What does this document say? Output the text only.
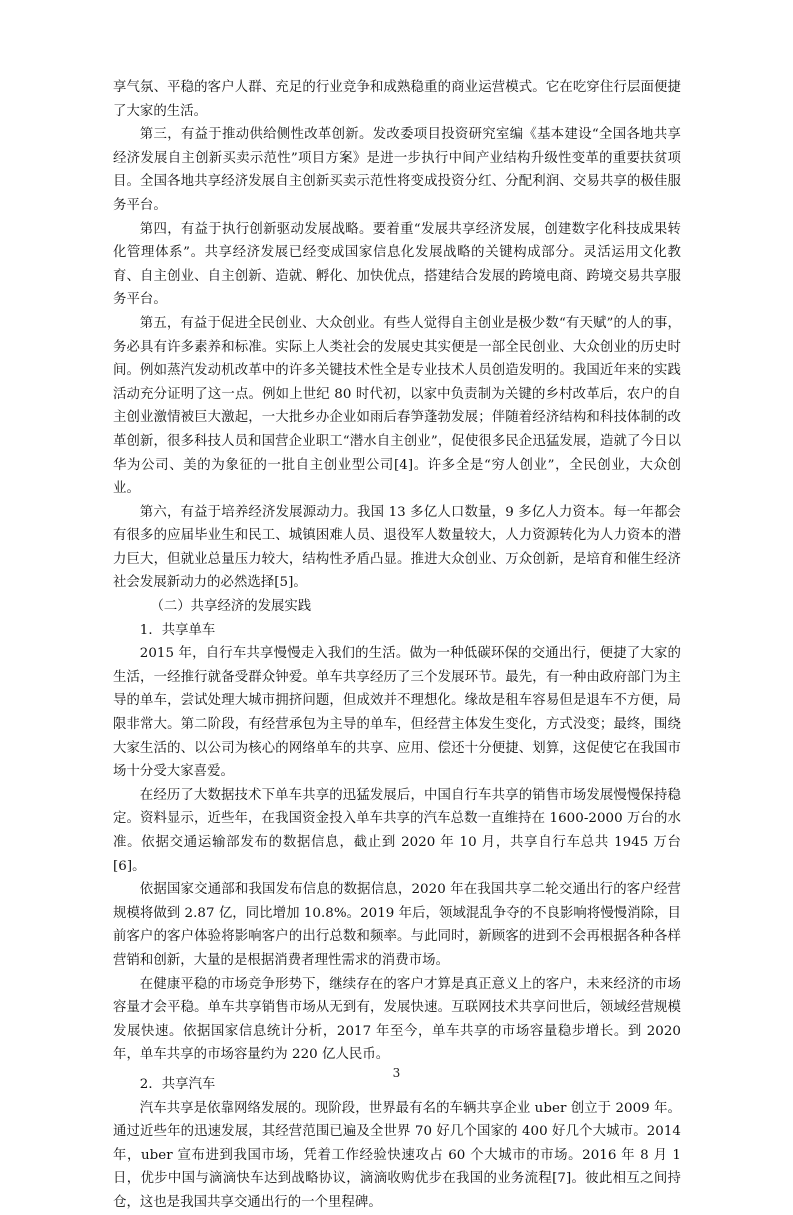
享气氛、平稳的客户人群、充足的行业竞争和成熟稳重的商业运营模式。它在吃穿住行层面便捷了大家的生活。

第三，有益于推动供给侧性改革创新。发改委项目投资研究室编《基本建设“全国各地共享经济发展自主创新买卖示范性”项目方案》是进一步执行中间产业结构升级性变革的重要扶贫项目。全国各地共享经济发展自主创新买卖示范性将变成投资分红、分配利润、交易共享的极佳服务平台。

第四，有益于执行创新驱动发展战略。要着重“发展共享经济发展，创建数字化科技成果转化管理体系”。共享经济发展已经变成国家信息化发展战略的关键构成部分。灵活运用文化教育、自主创业、自主创新、造就、孵化、加快优点，搭建结合发展的跨境电商、跨境交易共享服务平台。

第五，有益于促进全民创业、大众创业。有些人觉得自主创业是极少数“有天赋”的人的事，务必具有许多素养和标准。实际上人类社会的发展史其实便是一部全民创业、大众创业的历史时间。例如蒸汽发动机改革中的许多关键技术性全是专业技术人员创造发明的。我国近年来的实践活动充分证明了这一点。例如上世纪 80 时代初，以家中负责制为关键的乡村改革后，农户的自主创业激情被巨大激起，一大批乡办企业如雨后春笋蓬勃发展；伴随着经济结构和科技体制的改革创新，很多科技人员和国营企业职工“潜水自主创业”，促使很多民企迅猛发展，造就了今日以华为公司、美的为象征的一批自主创业型公司[4]。许多全是“穷人创业”，全民创业，大众创业。

第六，有益于培养经济发展源动力。我国 13 多亿人口数量，9 多亿人力资本。每一年都会有很多的应届毕业生和民工、城镇困难人员、退役军人数量较大，人力资源转化为人力资本的潜力巨大，但就业总量压力较大，结构性矛盾凸显。推进大众创业、万众创新，是培育和催生经济社会发展新动力的必然选择[5]。

（二）共享经济的发展实践
1．共享单车

2015 年，自行车共享慢慢走入我们的生活。做为一种低碳环保的交通出行，便捷了大家的生活，一经推行就备受群众钟爱。单车共享经历了三个发展环节。最先，有一种由政府部门为主导的单车，尝试处理大城市拥挤问题，但成效并不理想化。缘故是租车容易但是退车不方便，局限非常大。第二阶段，有经营承包为主导的单车，但经营主体发生变化，方式没变；最终，围绕大家生活的、以公司为核心的网络单车的共享、应用、偿还十分便捷、划算，这促使它在我国市场十分受大家喜爱。

在经历了大数据技术下单车共享的迅猛发展后，中国自行车共享的销售市场发展慢慢保持稳定。资料显示，近些年，在我国资金投入单车共享的汽车总数一直维持在 1600-2000 万台的水准。依据交通运输部发布的数据信息，截止到 2020 年 10 月，共享自行车总共 1945 万台[6]。

依据国家交通部和我国发布信息的数据信息，2020 年在我国共享二轮交通出行的客户经营规模将做到 2.87 亿，同比增加 10.8%。2019 年后，领域混乱争夺的不良影响将慢慢消除，目前客户的客户体验将影响客户的出行总数和频率。与此同时，新顾客的进到不会再根据各种各样营销和创新，大量的是根据消费者理性需求的消费市场。

在健康平稳的市场竞争形势下，继续存在的客户才算是真正意义上的客户，未来经济的市场容量才会平稳。单车共享销售市场从无到有，发展快速。互联网技术共享问世后，领域经营规模发展快速。依据国家信息统计分析，2017 年至今，单车共享的市场容量稳步增长。到 2020 年，单车共享的市场容量约为 220 亿人民币。

2．共享汽车

汽车共享是依靠网络发展的。现阶段，世界最有名的车辆共享企业 uber 创立于 2009 年。通过近些年的迅速发展，其经营范围已遍及全世界 70 好几个国家的 400 好几个大城市。2014 年，uber 宣布进到我国市场，凭着工作经验快速攻占 60 个大城市的市场。2016 年 8 月 1 日，优步中国与滴滴快车达到战略协议，滴滴收购优步在我国的业务流程[7]。彼此相互之间持仓，这也是我国共享交通出行的一个里程碑。

3
